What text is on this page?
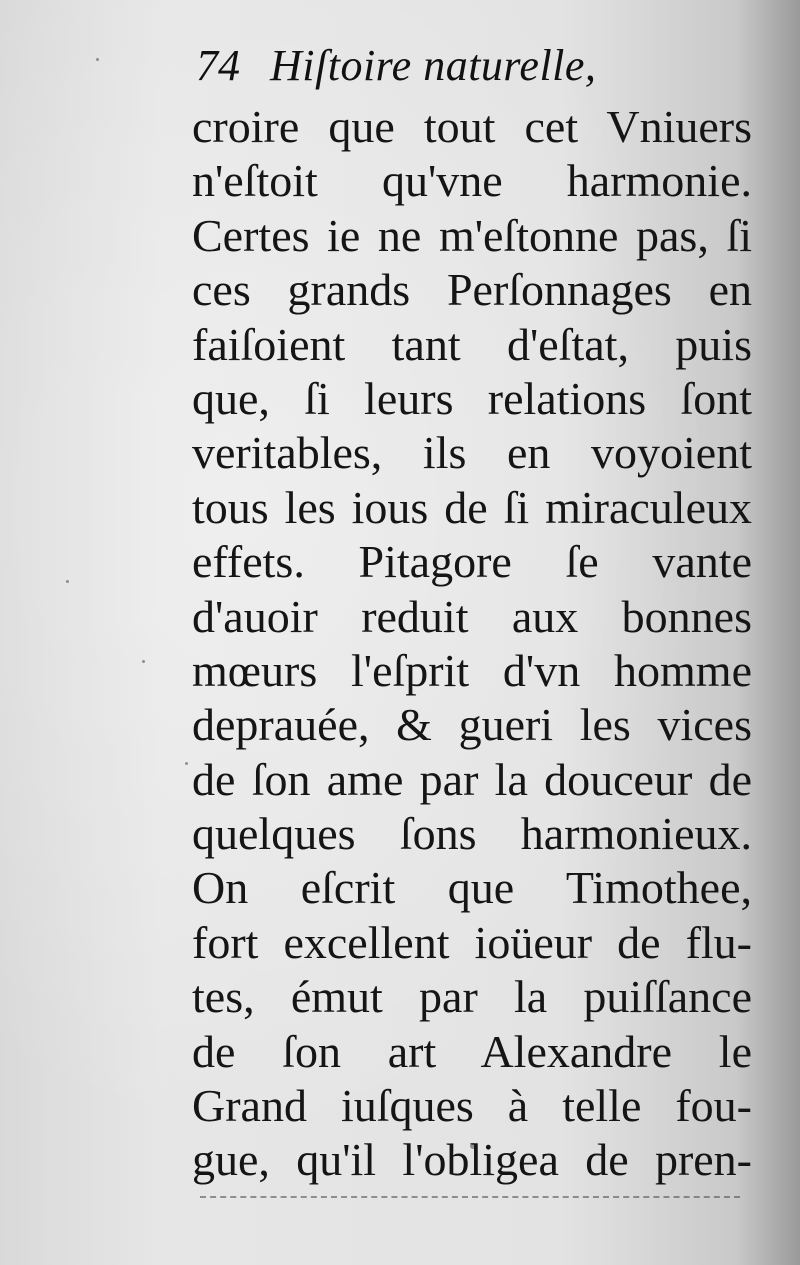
74 Hiſtoire naturelle,
croire que tout cet Vniuers
n'eſtoit qu'vne harmonie.
Certes ie ne m'eſtonne pas, ſi
ces grands Perſonnages en
faiſoient tant d'eſtat, puis
que, ſi leurs relations ſont
veritables, ils en voyoient
tous les ious de ſi miraculeux
effets. Pitagore ſe vante
d'auoir reduit aux bonnes
mœurs l'eſprit d'vn homme
deprauée, & gueri les vices
de ſon ame par la douceur de
quelques ſons harmonieux.
On eſcrit que Timothee,
fort excellent ioüeur de flu-
tes, émut par la puiſſance
de ſon art Alexandre le
Grand iuſques à telle fou-
gue, qu'il l'obligea de pren-
